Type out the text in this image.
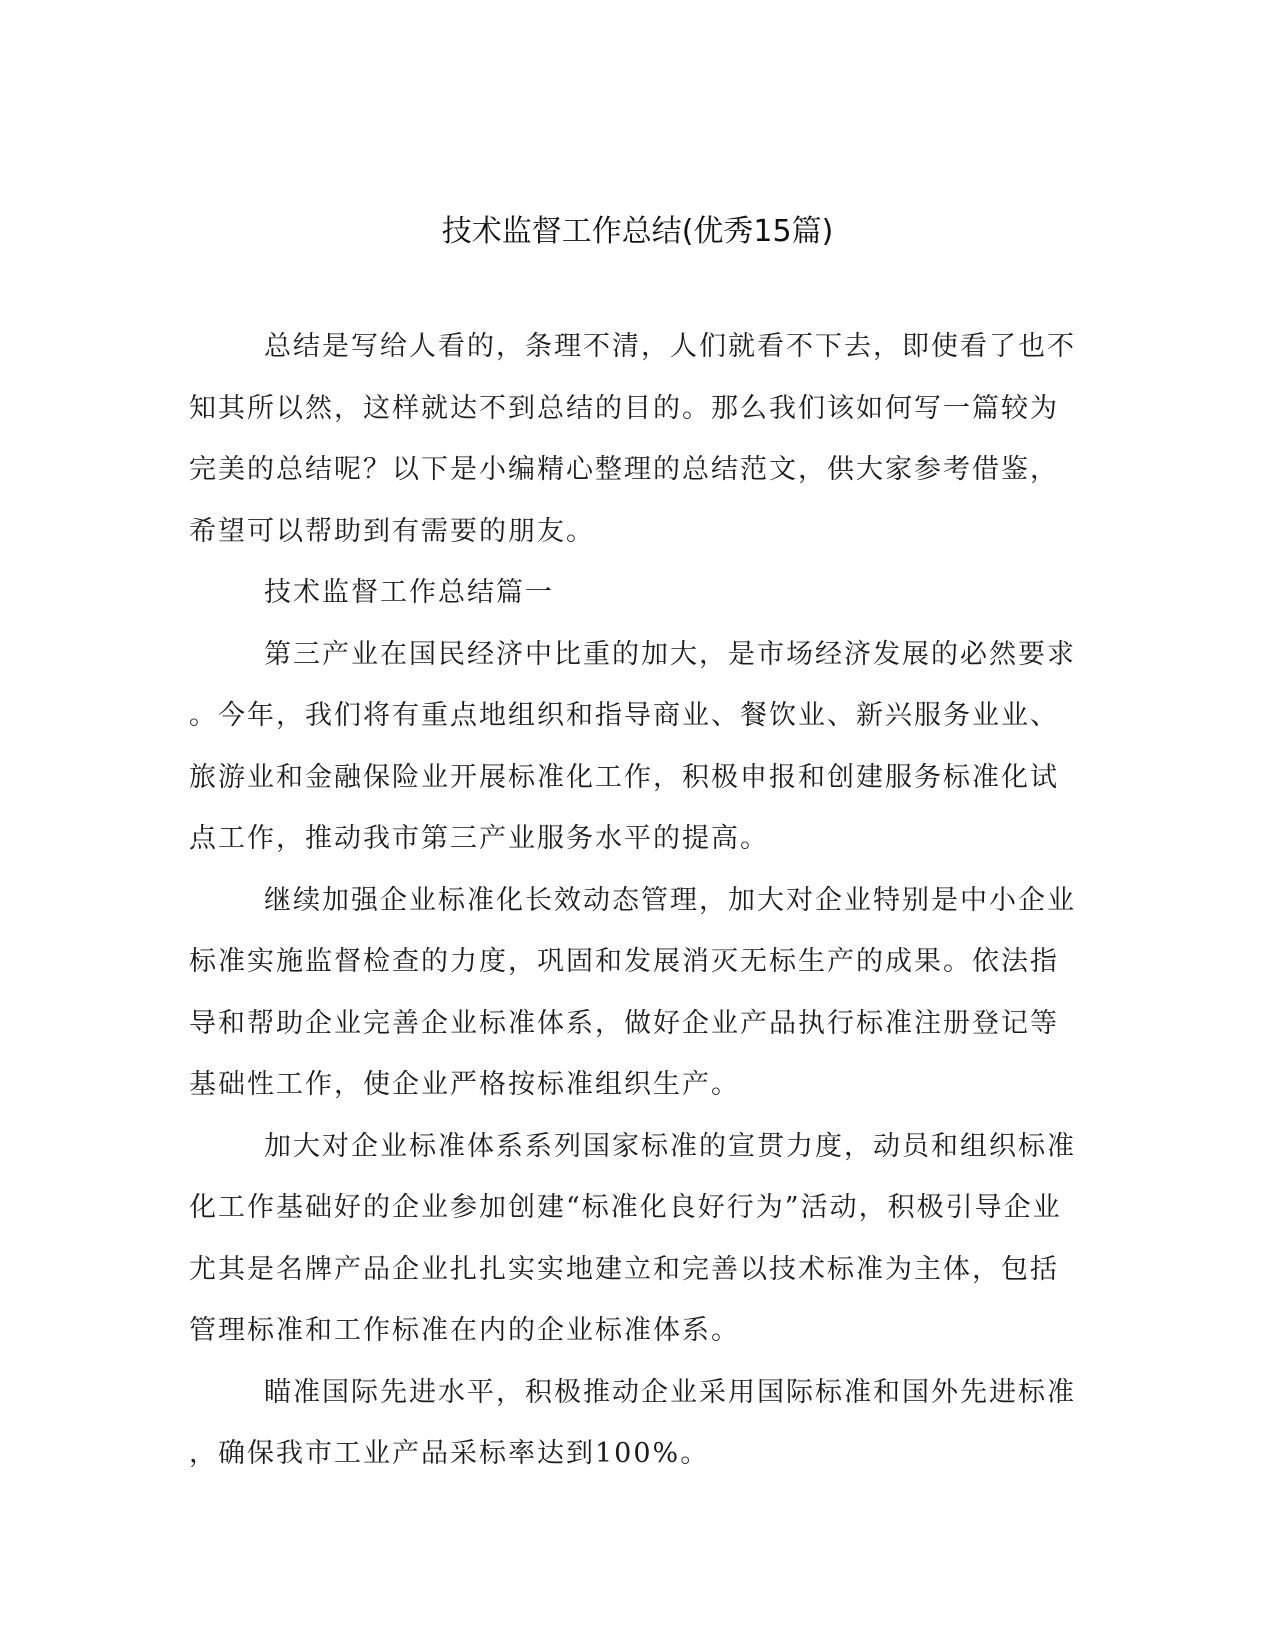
技术监督工作总结(优秀15篇)
总结是写给人看的，条理不清，人们就看不下去，即使看了也不
知其所以然，这样就达不到总结的目的。那么我们该如何写一篇较为
完美的总结呢？以下是小编精心整理的总结范文，供大家参考借鉴，
希望可以帮助到有需要的朋友。
技术监督工作总结篇一
第三产业在国民经济中比重的加大，是市场经济发展的必然要求
。今年，我们将有重点地组织和指导商业、餐饮业、新兴服务业业、
旅游业和金融保险业开展标准化工作，积极申报和创建服务标准化试
点工作，推动我市第三产业服务水平的提高。
继续加强企业标准化长效动态管理，加大对企业特别是中小企业
标准实施监督检查的力度，巩固和发展消灭无标生产的成果。依法指
导和帮助企业完善企业标准体系，做好企业产品执行标准注册登记等
基础性工作，使企业严格按标准组织生产。
加大对企业标准体系系列国家标准的宣贯力度，动员和组织标准
化工作基础好的企业参加创建“标准化良好行为”活动，积极引导企业
尤其是名牌产品企业扎扎实实地建立和完善以技术标准为主体，包括
管理标准和工作标准在内的企业标准体系。
瞄准国际先进水平，积极推动企业采用国际标准和国外先进标准
，确保我市工业产品采标率达到100%。
